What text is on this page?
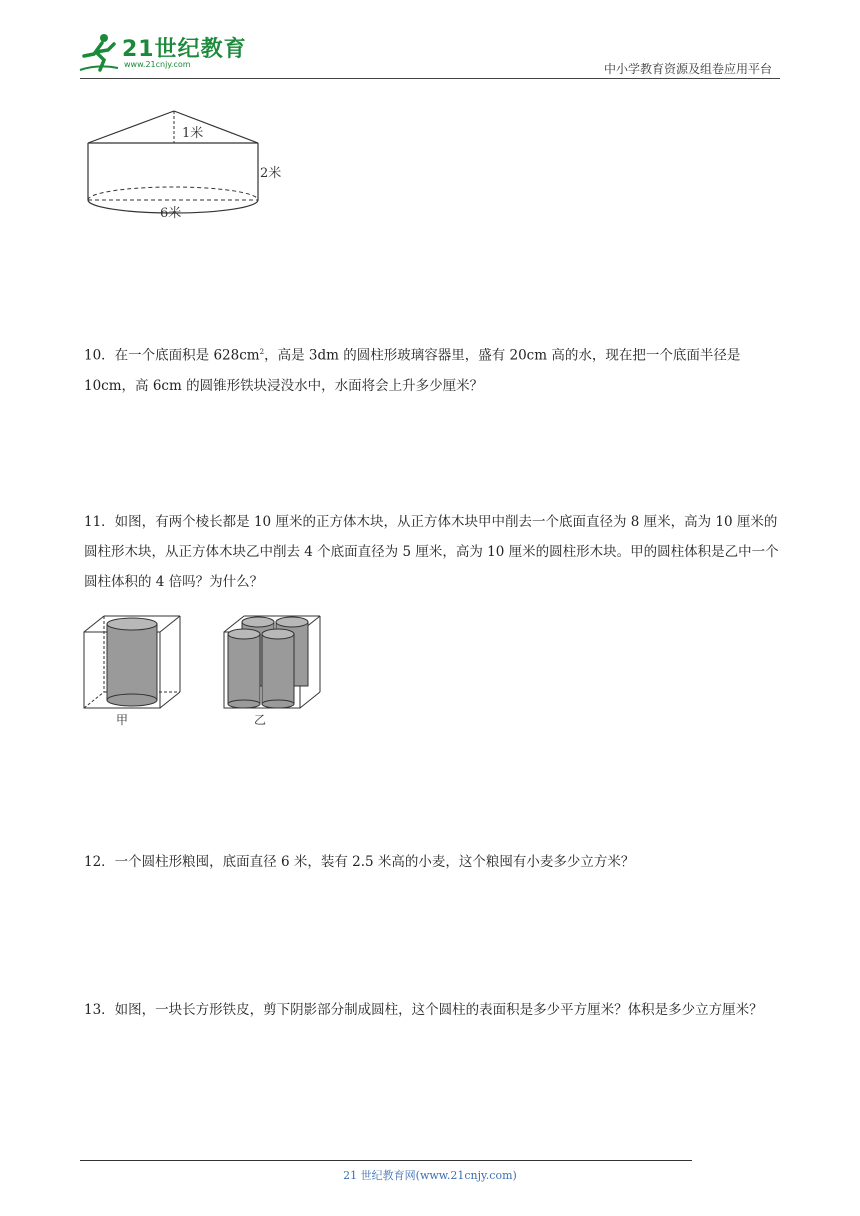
21世纪教育
www.21cnjy.com	中小学教育资源及组卷应用平台
1米
2米
6米
10．在一个底面积是 $628cm^2$，高是 3dm 的圆柱形玻璃容器里，盛有 20cm 高的水，现在把一个底面半径是 10cm，高 6cm 的圆锥形铁块浸没水中，水面将会上升多少厘米？
11．如图，有两个棱长都是 10 厘米的正方体木块，从正方体木块甲中削去一个底面直径为 8 厘米，高为 10 厘米的圆柱形木块，从正方体木块乙中削去 4 个底面直径为 5 厘米，高为 10 厘米的圆柱形木块。甲的圆柱体积是乙中一个圆柱体积的 4 倍吗？为什么？
甲	乙
12．一个圆柱形粮囤，底面直径 6 米，装有 2.5 米高的小麦，这个粮囤有小麦多少立方米？
13．如图，一块长方形铁皮，剪下阴影部分制成圆柱，这个圆柱的表面积是多少平方厘米？体积是多少立方厘米？
21 世纪教育网(www.21cnjy.com)
